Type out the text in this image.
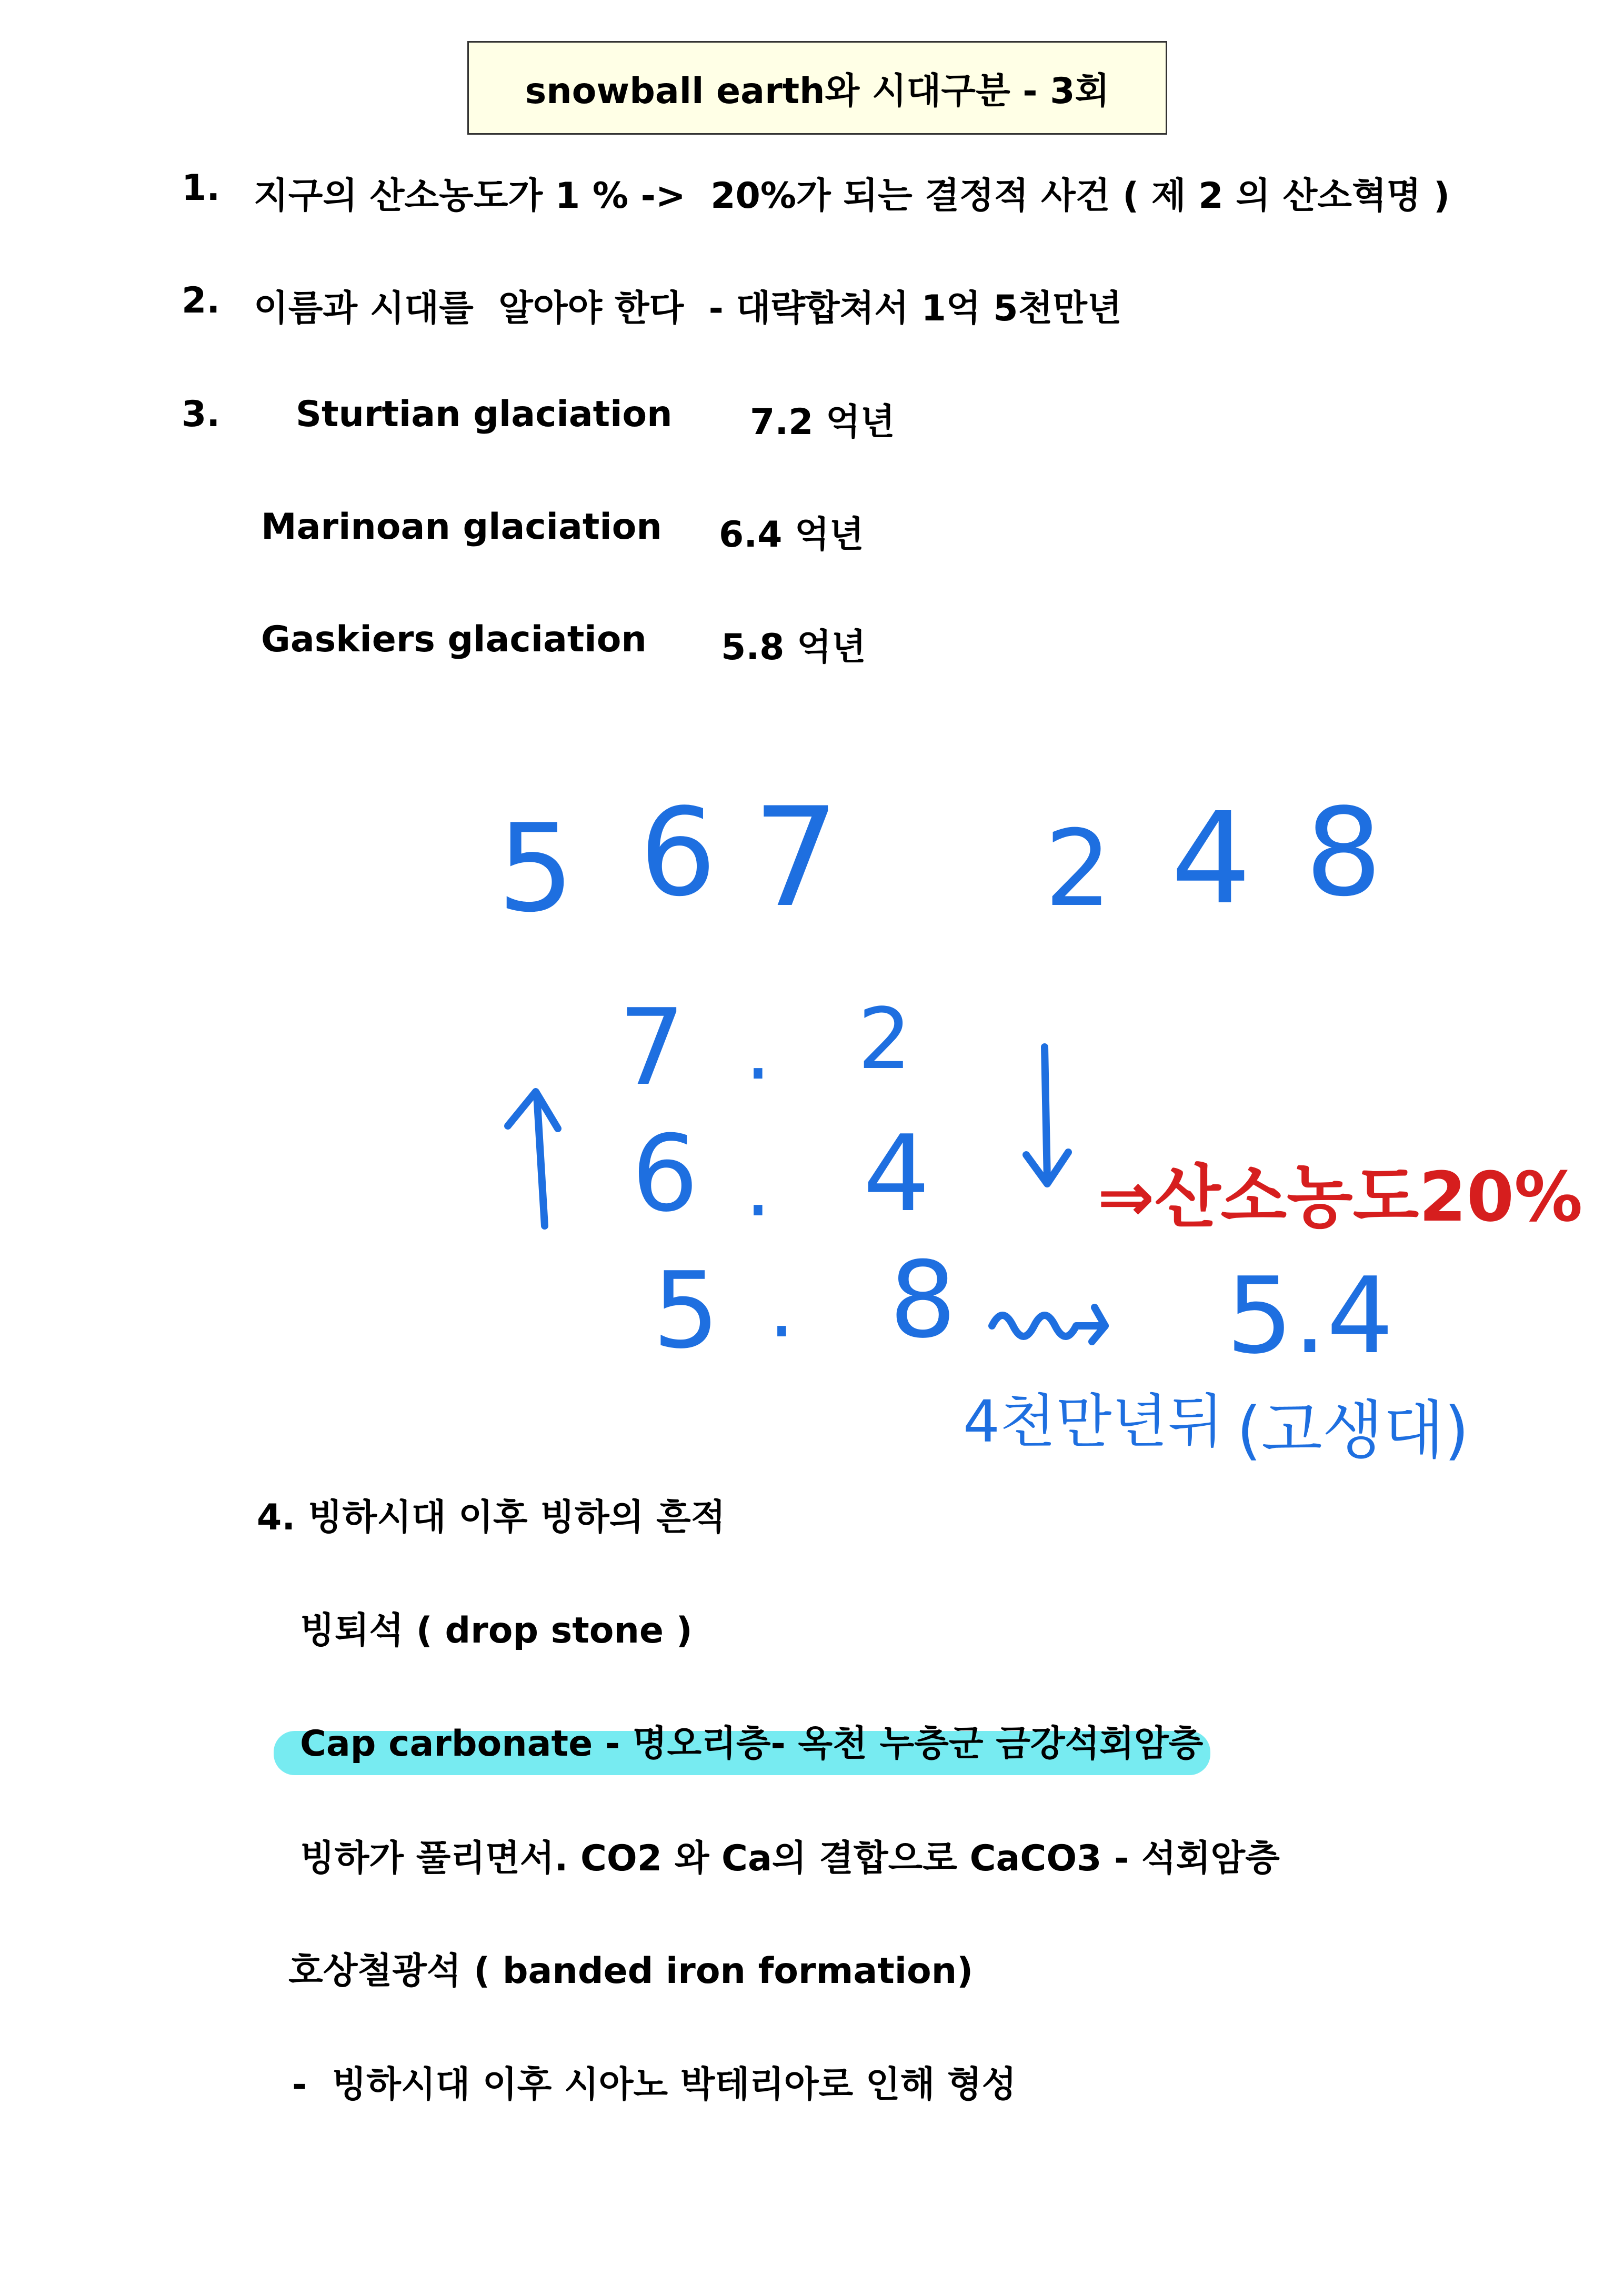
snowball earth와 시대구분 - 3회
1. 지구의 산소농도가 1 % ->  20%가 되는 결정적 사건 ( 제 2 의 산소혁명 )
2. 이름과 시대를  알아야 한다  - 대략합쳐서 1억 5천만년
3. Sturtian glaciation 7.2 억년
Marinoan glaciation 6.4 억년
Gaskiers glaciation 5.8 억년
5 6 7 2 4 8
7 . 2
6 . 4
5 . 8	5.4
4천만년뒤 (고생대)
⇒산소농도20%
4. 빙하시대 이후 빙하의 흔적
빙퇴석 ( drop stone )
Cap carbonate - 명오리층- 옥천 누층군 금강석회암층
빙하가 풀리면서. CO2 와 Ca의 결합으로 CaCO3 - 석회암층
호상철광석 ( banded iron formation)
-  빙하시대 이후 시아노 박테리아로 인해 형성
